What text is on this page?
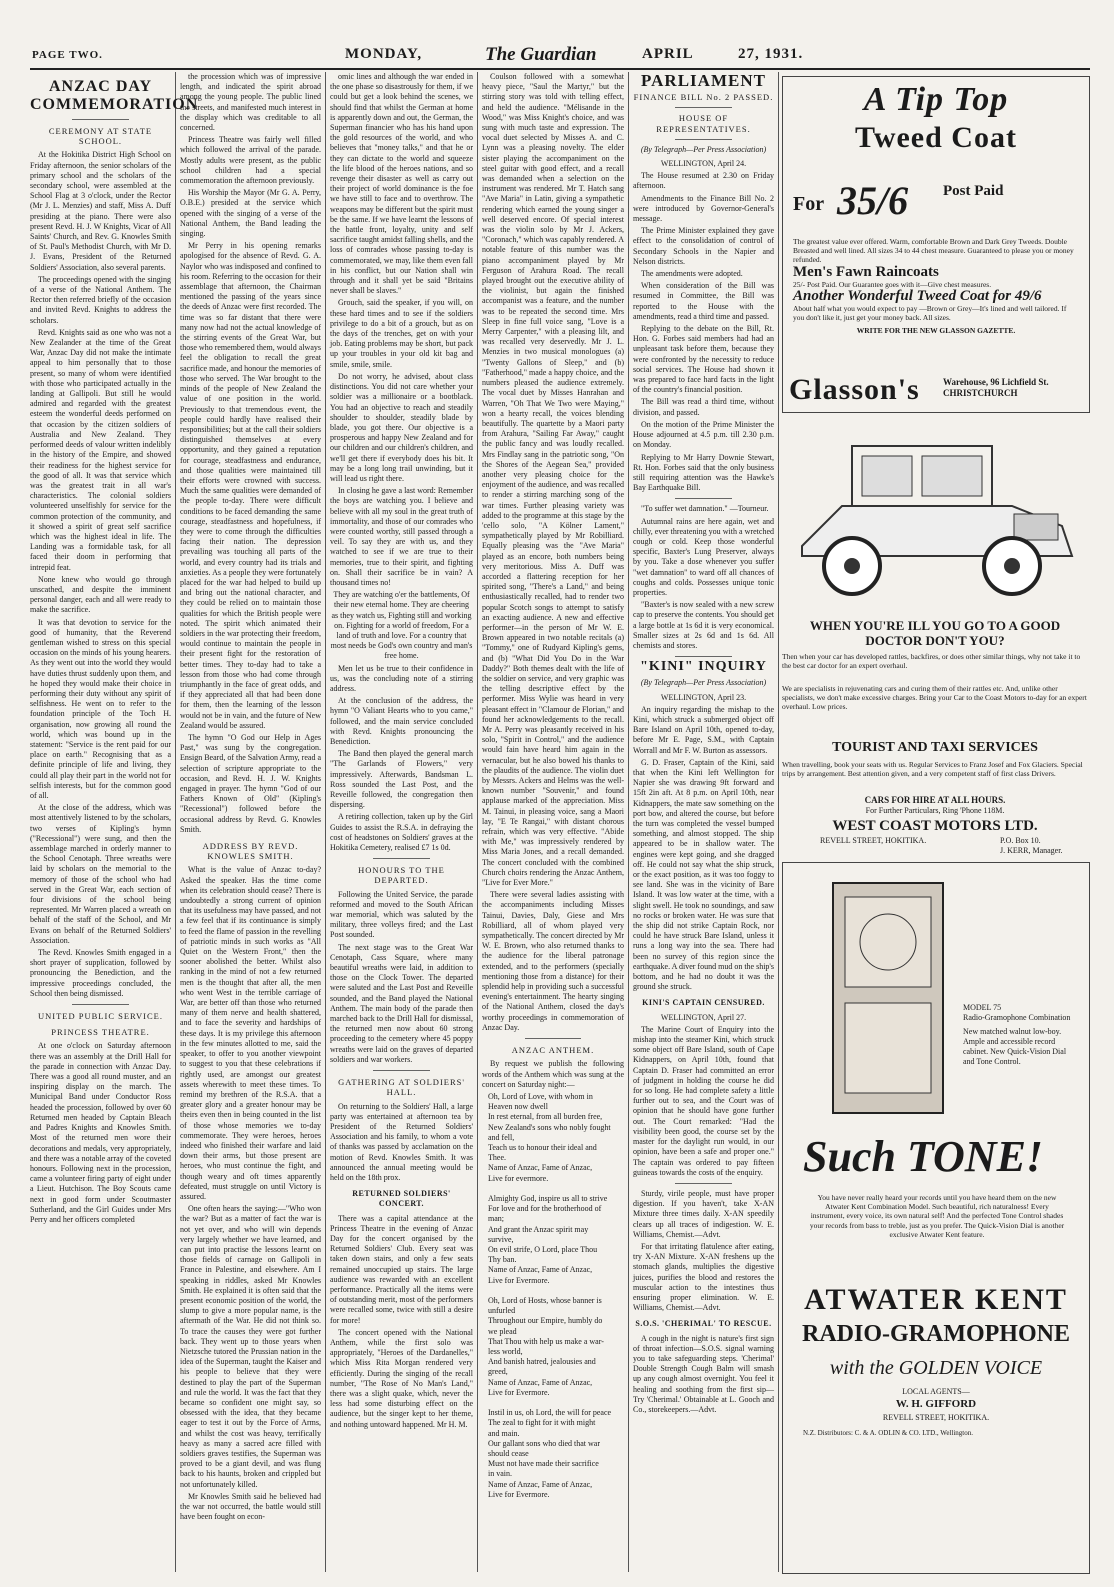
PAGE TWO.	MONDAY,	The Guardian	APRIL	27, 1931.
ANZAC DAY COMMEMORATION
CEREMONY AT STATE SCHOOL.

At the Hokitika District High School on Friday afternoon, the senior scholars of the primary school and the scholars of the secondary school, were assembled at the School Flag at 3 o'clock, under the Rector (Mr J. L. Menzies) and staff, Miss A. Duff presiding at the piano. There were also present Revd. H. J. W Knights, Vicar of All Saints' Church, and Rev. G. Knowles Smith of St. Paul's Methodist Church, with Mr D. J. Evans, President of the Returned Soldiers' Association, also several parents.

The proceedings opened with the singing of a verse of the National Anthem. The Rector then referred briefly of the occasion and invited Revd. Knights to address the scholars.

Revd. Knights said as one who was not a New Zealander at the time of the Great War, Anzac Day did not make the intimate appeal to him personally that to those present, so many of whom were identified with those who participated actually in the landing at Gallipoli. But still he would admired and regarded with the greatest esteem the wonderful deeds performed on that occasion by the citizen soldiers of Australia and New Zealand. They performed deeds of valour written indelibly in the history of the Empire, and showed their readiness for the highest service for the good of all. It was that service which was the greatest trait in all war's characteristics. The colonial soldiers volunteered unselfishly for service for the common protection of the community, and it showed a spirit of great self sacrifice which was the highest ideal in life. The Landing was a formidable task, for all faced their doom in performing that intrepid feat.

None knew who would go through unscathed, and despite the imminent personal danger, each and all were ready to make the sacrifice.

It was that devotion to service for the good of humanity, that the Reverend gentleman wished to stress on this special occasion on the minds of his young hearers. As they went out into the world they would have duties thrust suddenly upon them, and he hoped they would make their choice in performing their duty without any spirit of selfishness. He went on to refer to the foundation principle of the Toch H. organisation, now growing all round the world, which was bound up in the statement: "Service is the rent paid for our place on earth." Recognising that as a definite principle of life and living, they could all play their part in the world not for selfish interests, but for the common good of all.

At the close of the address, which was most attentively listened to by the scholars, two verses of Kipling's hymn ("Recessional") were sung, and then the assemblage marched in orderly manner to the School Cenotaph. Three wreaths were laid by scholars on the memorial to the memory of those of the school who had served in the Great War, each section of four divisions of the school being represented. Mr Warren placed a wreath on behalf of the staff of the School, and Mr Evans on behalf of the Returned Soldiers' Association.

The Revd. Knowles Smith engaged in a short prayer of supplication, followed by pronouncing the Benediction, and the impressive proceedings concluded, the School then being dismissed.

UNITED PUBLIC SERVICE.
PRINCESS THEATRE.

At one o'clock on Saturday afternoon there was an assembly at the Drill Hall for the parade in connection with Anzac Day. There was a good all round muster, and an inspiring display on the march. The Municipal Band under Conductor Ross headed the procession, followed by over 60 Returned men headed by Captain Bleach and Padres Knights and Knowles Smith. Most of the returned men wore their decorations and medals, very appropriately, and there was a notable array of the coveted honours. Following next in the procession, came a volunteer firing party of eight under a Lieut. Hutchison. The Boy Scouts came next in good form under Scoutmaster Sutherland, and the Girl Guides under Mrs Perry and her officers completed

the procession which was of impressive length, and indicated the spirit abroad among the young people. The public lined the streets, and manifested much interest in the display which was creditable to all concerned.

Princess Theatre was fairly well filled which followed the arrival of the parade. Mostly adults were present, as the public school children had a special commemoration the afternoon previously.

His Worship the Mayor (Mr G. A. Perry, O.B.E.) presided at the service which opened with the singing of a verse of the National Anthem, the Band leading the singing.

Mr Perry in his opening remarks apologised for the absence of Revd. G. A. Naylor who was indisposed and confined to his room. Referring to the occasion for their assemblage that afternoon, the Chairman mentioned the passing of the years since the deeds of Anzac were first recorded. The time was so far distant that there were many now had not the actual knowledge of the stirring events of the Great War, but those who remembered them, would always feel the obligation to recall the great sacrifice made, and honour the memories of those who served. The War brought to the minds of the people of New Zealand the value of one position in the world. Previously to that tremendous event, the people could hardly have realised their responsibilities; but at the call their soldiers distinguished themselves at every opportunity, and they gained a reputation for courage, steadfastness and endurance, and those qualities were maintained till their efforts were crowned with success. Much the same qualities were demanded of the people to-day. There were difficult conditions to be faced demanding the same courage, steadfastness and hopefulness, if they were to come through the difficulties facing their nation. The depression prevailing was touching all parts of the world, and every country had its trials and anxieties. As a people they were fortunately placed for the war had helped to build up and bring out the national character, and they could be relied on to maintain those qualities for which the British people were noted. The spirit which animated their soldiers in the war protecting their freedom, would continue to maintain the people in their present fight for the restoration of better times. They to-day had to take a lesson from those who had come through triumphantly in the face of great odds, and if they appreciated all that had been done for them, then the learning of the lesson would not be in vain, and the future of New Zealand would be assured.

The hymn "O God our Help in Ages Past," was sung by the congregation. Ensign Beard, of the Salvation Army, read a selection of scripture appropriate to the occasion, and Revd. H. J. W. Knights engaged in prayer. The hymn "God of our Fathers Known of Old" (Kipling's "Recessional") followed before the occasional address by Revd. G. Knowles Smith.

ADDRESS BY REVD. KNOWLES SMITH.

What is the value of Anzac to-day? Asked the speaker. Has the time come when its celebration should cease? There is undoubtedly a strong current of opinion that its usefulness may have passed, and not a few feel that if its continuance is simply to feed the flame of passion in the revelling of patriotic minds in such works as "All Quiet on the Western Front," then the sooner abolished the better. Whilst also ranking in the mind of not a few returned men is the thought that after all, the men who went West in the terrible carriage of War, are better off than those who returned many of them nerve and health shattered, and to face the severity and hardships of these days. It is my privilege this afternoon in the few minutes allotted to me, said the speaker, to offer to you another viewpoint to suggest to you that these celebrations if rightly used, are amongst our greatest assets wherewith to meet these times. To remind my brethren of the R.S.A. that a greater glory and a greater honour may be theirs even then in being counted in the list of those whose memories we to-day commemorate. They were heroes, heroes indeed who finished their warfare and laid down their arms, but those present are heroes, who must continue the fight, and though weary and oft times apparently defeated, must struggle on until Victory is assured.

One often hears the saying:—"Who won the war? But as a matter of fact the war is not yet over, and who will win depends very largely whether we have learned, and can put into practise the lessons learnt on those fields of carnage on Gallipoli in France in Palestine, and elsewhere. Am I speaking in riddles, asked Mr Knowles Smith. He explained it is often said that the present economic position of the world, the slump to give a more popular name, is the aftermath of the War. He did not think so. To trace the causes they were got further back. They went up to those years when Nietzsche tutored the Prussian nation in the idea of the Superman, taught the Kaiser and his people to believe that they were destined to play the part of the Superman and rule the world. It was the fact that they became so confident one might say, so obsessed with the idea, that they became eager to test it out by the Force of Arms, and whilst the cost was heavy, terrifically heavy as many a sacred acre filled with soldiers graves testifies, the Superman was proved to be a giant devil, and was flung back to his haunts, broken and crippled but not unfortunately killed.

Mr Knowles Smith said he believed had the war not occurred, the battle would still have been fought on econ-

omic lines and although the war ended in the one phase so disastrously for them, if we could but get a look behind the scenes, we should find that whilst the German at home is apparently down and out, the German, the Superman financier who has his hand upon the gold resources of the world, and who believes that "money talks," and that he or they can dictate to the world and squeeze the life blood of the heroes nations, and so revenge their disaster as well as carry out their project of world dominance is the foe we have still to face and to overthrow. The weapons may be different but the spirit must be the same. If we have learnt the lessons of the battle front, loyalty, unity and self sacrifice taught amidst falling shells, and the loss of comrades whose passing to-day is commemorated, we may, like them even fall in his conflict, but our Nation shall win through and it shall yet be said "Britains never shall be slaves."

Grouch, said the speaker, if you will, on these hard times and to see if the soldiers privilege to do a bit of a grouch, but as on the days of the trenches, get on with your job. Eating problems may be short, but pack up your troubles in your old kit bag and smile, smile, smile.

Do not worry, he advised, about class distinctions. You did not care whether your soldier was a millionaire or a bootblack. You had an objective to reach and steadily shoulder to shoulder, steadily blade by blade, you got there. Our objective is a prosperous and happy New Zealand and for our children and our children's children, and we'll get there if everybody does his bit. It may be a long long trail unwinding, but it will lead us right there.

In closing he gave a last word: Remember the boys are watching you. I believe and believe with all my soul in the great truth of immortality, and those of our comrades who were counted worthy, still passed through a veil. To say they are with us, and they watched to see if we are true to their memories, true to their spirit, and fighting on. Shall their sacrifice be in vain? A thousand times no!

They are watching o'er the battlements, Of their new eternal home. They are cheering as they watch us, Fighting still and working on. Fighting for a world of freedom, For a land of truth and love. For a country that most needs be God's own country and man's free home.

Men let us be true to their confidence in us, was the concluding note of a stirring address.

At the conclusion of the address, the hymn "O Valiant Hearts who to you came," followed, and the main service concluded with Revd. Knights pronouncing the Benediction.

The Band then played the general march "The Garlands of Flowers," very impressively. Afterwards, Bandsman L. Ross sounded the Last Post, and the Reveille followed, the congregation then dispersing.

A retiring collection, taken up by the Girl Guides to assist the R.S.A. in defraying the cost of headstones on Soldiers' graves at the Hokitika Cemetery, realised £7 1s 0d.

HONOURS TO THE DEPARTED.

Following the United Service, the parade reformed and moved to the South African war memorial, which was saluted by the military, three volleys fired; and the Last Post sounded.

The next stage was to the Great War Cenotaph, Cass Square, where many beautiful wreaths were laid, in addition to those on the Clock Tower. The departed were saluted and the Last Post and Reveille sounded, and the Band played the National Anthem. The main body of the parade then marched back to the Drill Hall for dismissal, the returned men now about 60 strong proceeding to the cemetery where 45 poppy wreaths were laid on the graves of departed soldiers and war workers.

GATHERING AT SOLDIERS' HALL.

On returning to the Soldiers' Hall, a large party was entertained at afternoon tea by President of the Returned Soldiers' Association and his family, to whom a vote of thanks was passed by acclamation on the motion of Revd. Knowles Smith. It was announced the annual meeting would be held on the 18th prox.

RETURNED SOLDIERS' CONCERT.

There was a capital attendance at the Princess Theatre in the evening of Anzac Day for the concert organised by the Returned Soldiers' Club. Every seat was taken down stairs, and only a few seats remained unoccupied up stairs. The large audience was rewarded with an excellent performance. Practically all the items were of outstanding merit, most of the performers were recalled some, twice with still a desire for more!

The concert opened with the National Anthem, while the first solo was appropriately, "Heroes of the Dardanelles," which Miss Rita Morgan rendered very efficiently. During the singing of the recall number, "The Rose of No Man's Land," there was a slight quake, which, never the less had some disturbing effect on the audience, but the singer kept to her theme, and nothing untoward happened. Mr H. M.

Coulson followed with a somewhat heavy piece, "Saul the Martyr," but the stirring story was told with telling effect, and held the audience. "Mélisande in the Wood," was Miss Knight's choice, and was sung with much taste and expression. The vocal duet selected by Misses A. and C. Lynn was a pleasing novelty. The elder sister playing the accompaniment on the steel guitar with good effect, and a recall was demanded when a selection on the instrument was rendered. Mr T. Hatch sang "Ave Maria" in Latin, giving a sympathetic rendering which earned the young singer a well deserved encore. Of special interest was the violin solo by Mr J. Ackers, "Coronach," which was capably rendered. A notable feature of this number was the piano accompaniment played by Mr Ferguson of Arahura Road. The recall played brought out the executive ability of the violinist, but again the finished accompanist was a feature, and the number was to be repeated the second time. Mrs Sleep in fine full voice sang, "Love is a Merry Carpenter," with a pleasing lilt, and was recalled very deservedly. Mr J. L. Menzies in two musical monologues (a) "Twenty Gallons of Sleep," and (b) "Fatherhood," made a happy choice, and the numbers pleased the audience extremely. The vocal duet by Misses Hanrahan and Warren, "Oh That We Two were Maying," won a hearty recall, the voices blending beautifully. The quartette by a Maori party from Arahura, "Sailing Far Away," caught the public fancy and was loudly recalled. Mrs Findlay sang in the patriotic song, "On the Shores of the Aegean Sea," provided another very pleasing choice for the enjoyment of the audience, and was recalled to render a stirring marching song of the war times. Further pleasing variety was added to the programme at this stage by the 'cello solo, "A Kölner Lament," sympathetically played by Mr Robilliard. Equally pleasing was the "Ave Maria" played as an encore, both numbers being very meritorious. Miss A. Duff was accorded a flattering reception for her spirited song, "There's a Land," and being enthusiastically recalled, had to render two popular Scotch songs to attempt to satisfy an exacting audience. A new and effective performer—in the person of Mr W. E. Brown appeared in two notable recitals (a) "Tommy," one of Rudyard Kipling's gems, and (b) "What Did You Do in the War Daddy?" Both themes dealt with the life of the soldier on service, and very graphic was the telling descriptive effect by the performer. Miss Wylie was heard in very pleasant effect in "Clamour de Florian," and found her acknowledgements to the recall. Mr A. Perry was pleasantly received in his solo, "Spirit in Control," and the audience would fain have heard him again in the vernacular, but he also bowed his thanks to the plaudits of the audience. The violin duet by Messrs. Ackers and Helms was the well-known number "Souvenir," and found applause marked of the appreciation. Miss M. Tainui, in pleasing voice, sang a Maori lay, "E Te Rangai," with distant chorous refrain, which was very effective. "Abide with Me," was impressively rendered by Miss Maria Jones, and a recall demanded. The concert concluded with the combined Church choirs rendering the Anzac Anthem, "Live for Ever More."

There were several ladies assisting with the accompaniments including Misses Tainui, Davies, Daly, Giese and Mrs Robilliard, all of whom played very sympathetically. The concert directed by Mr W. E. Brown, who also returned thanks to the audience for the liberal patronage extended, and to the performers (specially mentioning those from a distance) for their splendid help in providing such a successful evening's entertainment. The hearty singing of the National Anthem, closed the day's worthy proceedings in commemoration of Anzac Day.

ANZAC ANTHEM.

By request we publish the following words of the Anthem which was sung at the concert on Saturday night:—

Oh, Lord of Love, with whom in
Heaven now dwell
In rest eternal, from all burden free,
New Zealand's sons who nobly fought
and fell,
Teach us to honour their ideal and
Thee.
Name of Anzac, Fame of Anzac,
Live for evermore.

Almighty God, inspire us all to strive
For love and for the brotherhood of
man;
And grant the Anzac spirit may
survive,
On evil strife, O Lord, place Thou
Thy ban.
Name of Anzac, Fame of Anzac,
Live for Evermore.

Oh, Lord of Hosts, whose banner is
unfurled
Throughout our Empire, humbly do
we plead
That Thou with help us make a war-
less world,
And banish hatred, jealousies and
greed,
Name of Anzac, Fame of Anzac,
Live for Evermore.

Instil in us, oh Lord, the will for peace
The zeal to fight for it with might
and main.
Our gallant sons who died that war
should cease
Must not have made their sacrifice
in vain.
Name of Anzac, Fame of Anzac,
Live for Evermore.
PARLIAMENT
FINANCE BILL No. 2 PASSED.
HOUSE OF REPRESENTATIVES.
(By Telegraph—Per Press Association)
WELLINGTON, April 24.

The House resumed at 2.30 on Friday afternoon.

Amendments to the Finance Bill No. 2 were introduced by Governor-General's message.

The Prime Minister explained they gave effect to the consolidation of control of Secondary Schools in the Napier and Nelson districts.

The amendments were adopted.

When consideration of the Bill was resumed in Committee, the Bill was reported to the House with the amendments, read a third time and passed.

Replying to the debate on the Bill, Rt. Hon. G. Forbes said members had had an unpleasant task before them, because they were confronted by the necessity to reduce social services. The House had shown it was prepared to face hard facts in the light of the country's financial position.

The Bill was read a third time, without division, and passed.

On the motion of the Prime Minister the House adjourned at 4.5 p.m. till 2.30 p.m. on Monday.

Replying to Mr Harry Downie Stewart, Rt. Hon. Forbes said that the only business still requiring attention was the Hawke's Bay Earthquake Bill.

"To suffer wet damnation." —Tourneur.

Autumnal rains are here again, wet and chilly, ever threatening you with a wretched cough or cold. Keep those wonderful specific, Baxter's Lung Preserver, always by you. Take a dose whenever you suffer "wet damnation" to ward off all chances of coughs and colds. Possesses unique tonic properties.

"Baxter's is now sealed with a new screw cap to preserve the contents. You should get a large bottle at 1s 6d it is very economical. Smaller sizes at 2s 6d and 1s 6d. All chemists and stores.

"KINI" INQUIRY
(By Telegraph—Per Press Association)
WELLINGTON, April 23.

An inquiry regarding the mishap to the Kini, which struck a submerged object off Bare Island on April 10th, opened to-day, before Mr E. Page, S.M., with Captain Worrall and Mr F. W. Burton as assessors.

G. D. Fraser, Captain of the Kini, said that when the Kini left Wellington for Napier she was drawing 9ft forward and 15ft 2in aft. At 8 p.m. on April 10th, near Kidnappers, the mate saw something on the port bow, and altered the course, but before the turn was completed the vessel bumped something, and almost stopped. The ship appeared to be in shallow water. The engines were kept going, and she dragged off. He could not say what the ship struck, or the exact position, as it was too foggy to see land. She was in the vicinity of Bare Island. It was low water at the time, with a slight swell. He took no soundings, and saw no rocks or broken water. He was sure that the ship did not strike Captain Rock, nor could he have struck Bare Island, unless it runs a long way into the sea. There had been no survey of this region since the earthquake. A diver found mud on the ship's bottom, and he had no doubt it was the ground she struck.

KINI'S CAPTAIN CENSURED.
WELLINGTON, April 27.

The Marine Court of Enquiry into the mishap into the steamer Kini, which struck some object off Bare Island, south of Cape Kidnappers, on April 10th, found that Captain D. Fraser had committed an error of judgment in holding the course he did for so long. He had complete safety a little further out to sea, and the Court was of opinion that he should have gone further out. The Court remarked: "Had the visibility been good, the course set by the master for the daylight run would, in our opinion, have been a safe and proper one." The captain was ordered to pay fifteen guineas towards the costs of the enquiry.

Sturdy, virile people, must have proper digestion. If you haven't, take X-AN Mixture three times daily. X-AN speedily clears up all traces of indigestion. W. E. Williams, Chemist.—Advt.

For that irritating flatulence after eating, try X-AN Mixture. X-AN freshens up the stomach glands, multiplies the digestive juices, purifies the blood and restores the muscular action to the intestines thus ensuring proper elimination. W. E. Williams, Chemist.—Advt.

S.O.S. 'CHERIMAL' TO RESCUE.

A cough in the night is nature's first sign of throat infection—S.O.S. signal warning you to take safeguarding steps. 'Cherimal' Double Strength Cough Balm will smash up any cough almost overnight. You feel it healing and soothing from the first sip—Try 'Cherimal.' Obtainable at L. Gooch and Co., storekeepers.—Advt.

A Tip Top
Tweed Coat
For 35/6 Post Paid

The greatest value ever offered. Warm, comfortable Brown and Dark Grey Tweeds. Double Breasted and well lined. All sizes 34 to 44 chest measure. Guaranteed to please you or money refunded.

Men's Fawn Raincoats

25/- Post Paid. Our Guarantee goes with it—Give chest measures.

Another Wonderful Tweed Coat for 49/6

About half what you would expect to pay —Brown or Grey—It's lined and well tailored. If you don't like it, just get your money back. All sizes.

WRITE FOR THE NEW GLASSON GAZETTE.

Glasson's	Warehouse, 96 Lichfield St.
CHRISTCHURCH
WHEN YOU'RE ILL YOU GO TO A GOOD DOCTOR DON'T YOU?
Then when your car has developed rattles, backfires, or does other similar things, why not take it to the best car doctor for an expert overhaul.
We are specialists in rejuvenating cars and curing them of their rattles etc. And, unlike other specialists, we don't make excessive charges. Bring your Car to the Coast Motors to-day for an expert overhaul. Low prices.
TOURIST AND TAXI SERVICES
When travelling, book your seats with us. Regular Services to Franz Josef and Fox Glaciers. Special trips by arrangement. Best attention given, and a very competent staff of first class Drivers.
CARS FOR HIRE AT ALL HOURS.
For Further Particulars, Ring 'Phone 118M.
WEST COAST MOTORS LTD.
REVELL STREET, HOKITIKA.	P.O. Box 10.
J. KERR, Manager.
MODEL 75
Radio-Gramophone Combination
New matched walnut low-boy. Ample and accessible record cabinet. New Quick-Vision Dial and Tone Control.
Such TONE!
You have never really heard your records until you have heard them on the new Atwater Kent Combination Model. Such beautiful, rich naturalness! Every instrument, every voice, its own natural self! And the perfected Tone Control shades your records from bass to treble, just as you prefer. The Quick-Vision Dial is another exclusive Atwater Kent feature.
ATWATER KENT
RADIO-GRAMOPHONE
with the GOLDEN VOICE
LOCAL AGENTS—
W. H. GIFFORD
REVELL STREET, HOKITIKA.
N.Z. Distributors: C. & A. ODLIN & CO. LTD., Wellington.
